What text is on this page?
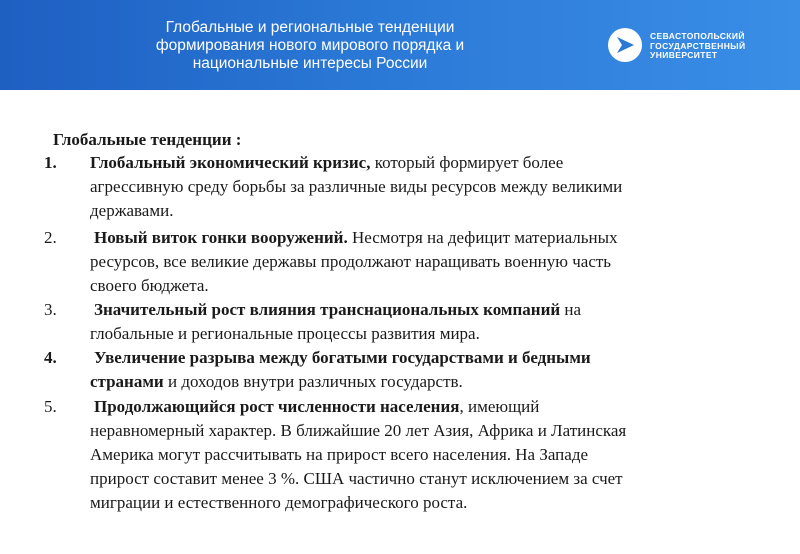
Глобальные и региональные тенденции
формирования нового мирового порядка и
национальные интересы России
СЕВАСТОПОЛЬСКИЙ
ГОСУДАРСТВЕННЫЙ
УНИВЕРСИТЕТ
Глобальные тенденции :
1. Глобальный экономический кризис, который формирует более
агрессивную среду борьбы за различные виды ресурсов между великими
державами.
2. Новый виток гонки вооружений. Несмотря на дефицит материальных
ресурсов, все великие державы продолжают наращивать военную часть
своего бюджета.
3. Значительный рост влияния транснациональных компаний на
глобальные и региональные процессы развития мира.
4. Увеличение разрыва между богатыми государствами и бедными
странами и доходов внутри различных государств.
5. Продолжающийся рост численности населения, имеющий
неравномерный характер. В ближайшие 20 лет Азия, Африка и Латинская
Америка могут рассчитывать на прирост всего населения. На Западе
прирост составит менее 3 %. США частично станут исключением за счет
миграции и естественного демографического роста.
